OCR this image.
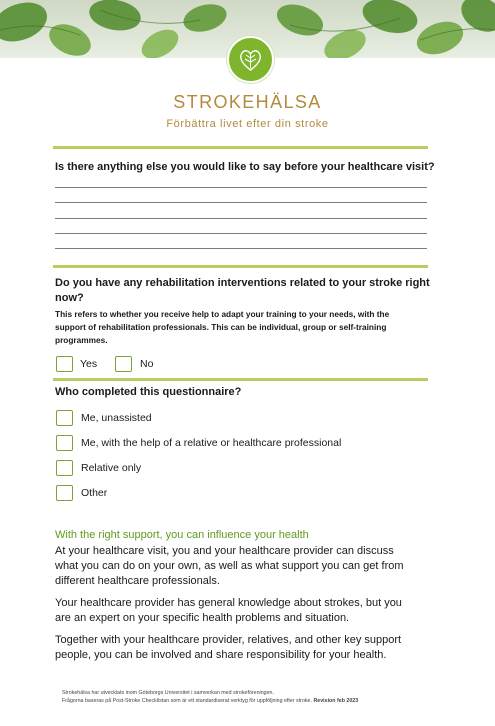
STROKEHÄLSA
Förbättra livet efter din stroke
Is there anything else you would like to say before your healthcare visit?
Do you have any rehabilitation interventions related to your stroke right
now?
This refers to whether you receive help to adapt your training to your needs, with the
support of rehabilitation professionals. This can be individual, group or self-training
programmes.
Yes	No
Who completed this questionnaire?
Me, unassisted
Me, with the help of a relative or healthcare professional
Relative only
Other
With the right support, you can influence your health
At your healthcare visit, you and your healthcare provider can discuss
what you can do on your own, as well as what support you can get from
different healthcare professionals.
Your healthcare provider has general knowledge about strokes, but you
are an expert on your specific health problems and situation.
Together with your healthcare provider, relatives, and other key support
people, you can be involved and share responsibility for your health.
Strokehälsa har utvecklats inom Göteborgs Universitet i samverkan med strokeföreningen.
Frågorna baseras på Post-Stroke Checklistan som är ett standardiserat verktyg för uppföljning efter stroke. Revision feb 2023
